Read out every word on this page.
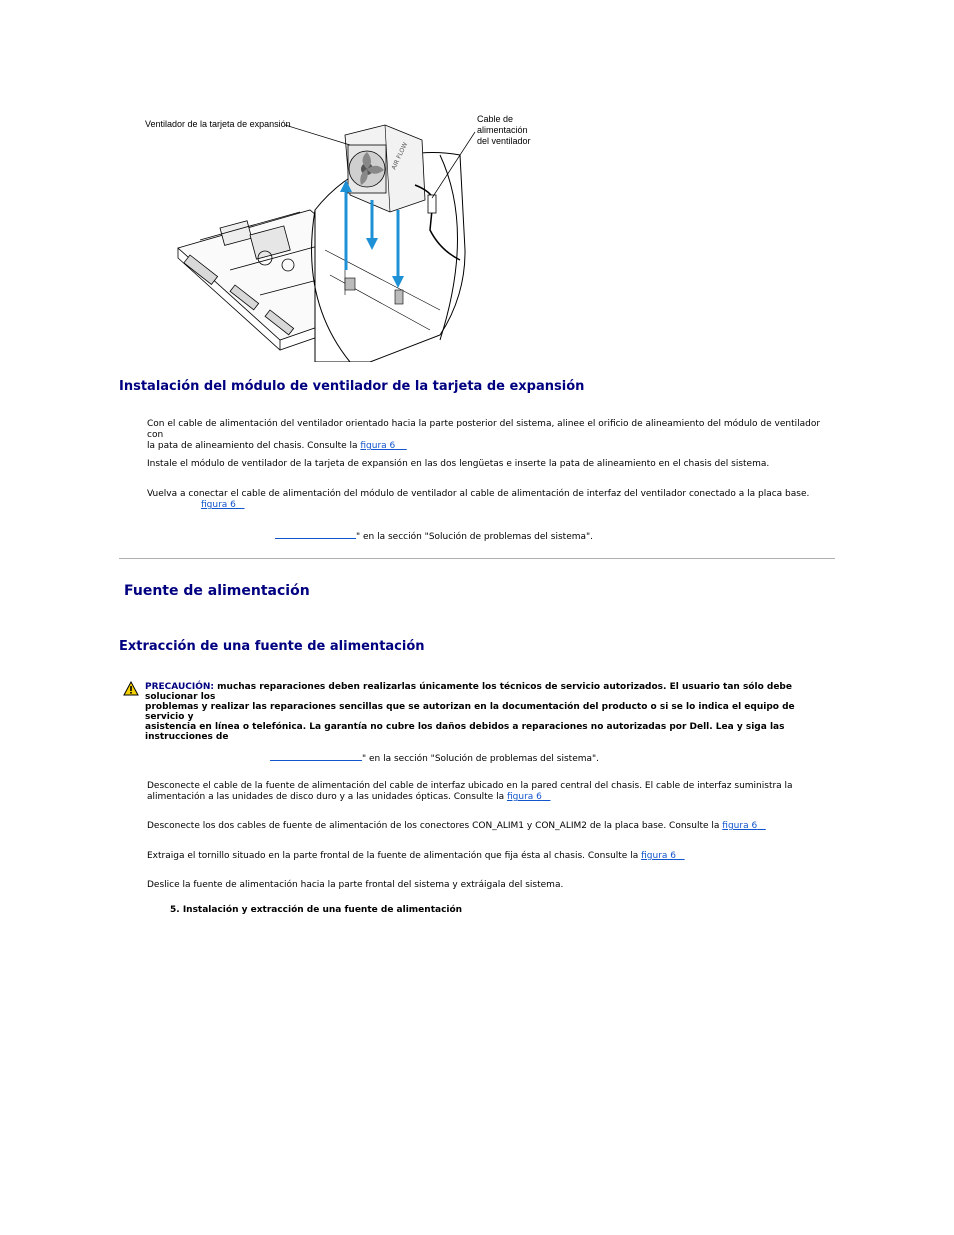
AIR FLOW
Ventilador de la tarjeta de expansión	Cable de
alimentación
del ventilador
Instalación del módulo de ventilador de la tarjeta de expansión
Con el cable de alimentación del ventilador orientado hacia la parte posterior del sistema, alinee el orificio de alineamiento del módulo de ventilador con
la pata de alineamiento del chasis. Consulte la figura 6
Instale el módulo de ventilador de la tarjeta de expansión en las dos lengüetas e inserte la pata de alineamiento en el chasis del sistema.
Vuelva a conectar el cable de alimentación del módulo de ventilador al cable de alimentación de interfaz del ventilador conectado a la placa base.
figura 6
" en la sección "Solución de problemas del sistema".
Fuente de alimentación
Extracción de una fuente de alimentación
PRECAUCIÓN: muchas reparaciones deben realizarlas únicamente los técnicos de servicio autorizados. El usuario tan sólo debe solucionar los
problemas y realizar las reparaciones sencillas que se autorizan en la documentación del producto o si se lo indica el equipo de servicio y
asistencia en línea o telefónica. La garantía no cubre los daños debidos a reparaciones no autorizadas por Dell. Lea y siga las instrucciones de
" en la sección "Solución de problemas del sistema".
Desconecte el cable de la fuente de alimentación del cable de interfaz ubicado en la pared central del chasis. El cable de interfaz suministra la
alimentación a las unidades de disco duro y a las unidades ópticas. Consulte la figura 6
Desconecte los dos cables de fuente de alimentación de los conectores CON_ALIM1 y CON_ALIM2 de la placa base. Consulte la figura 6
Extraiga el tornillo situado en la parte frontal de la fuente de alimentación que fija ésta al chasis. Consulte la figura 6
Deslice la fuente de alimentación hacia la parte frontal del sistema y extráigala del sistema.
5. Instalación y extracción de una fuente de alimentación
